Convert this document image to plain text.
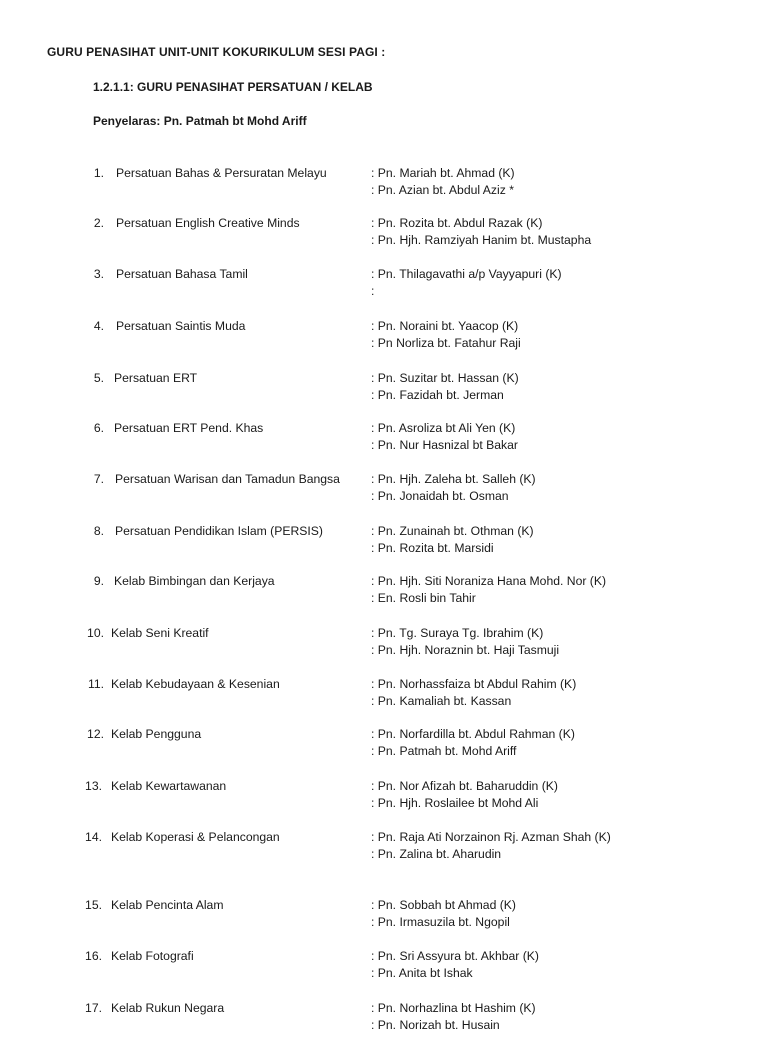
GURU PENASIHAT UNIT-UNIT KOKURIKULUM SESI PAGI :
1.2.1.1: GURU PENASIHAT PERSATUAN / KELAB
Penyelaras: Pn. Patmah bt Mohd Ariff
1. Persatuan Bahas & Persuratan Melayu	: Pn. Mariah bt. Ahmad (K)
: Pn. Azian bt. Abdul Aziz *
2. Persatuan English Creative Minds	: Pn. Rozita bt. Abdul Razak (K)
: Pn. Hjh. Ramziyah Hanim bt. Mustapha
3. Persatuan Bahasa Tamil	: Pn. Thilagavathi a/p Vayyapuri (K)
:
4. Persatuan Saintis Muda	: Pn. Noraini bt. Yaacop (K)
: Pn Norliza bt. Fatahur Raji
5. Persatuan ERT	: Pn. Suzitar bt. Hassan (K)
: Pn. Fazidah bt. Jerman
6. Persatuan ERT Pend. Khas	: Pn. Asroliza bt Ali Yen (K)
: Pn. Nur Hasnizal bt Bakar
7. Persatuan Warisan dan Tamadun Bangsa	: Pn. Hjh. Zaleha bt. Salleh (K)
: Pn. Jonaidah bt. Osman
8. Persatuan Pendidikan Islam (PERSIS)	: Pn. Zunainah bt. Othman (K)
: Pn. Rozita bt. Marsidi
9. Kelab Bimbingan dan Kerjaya	: Pn. Hjh. Siti Noraniza Hana Mohd. Nor (K)
: En. Rosli bin Tahir
10. Kelab Seni Kreatif	: Pn. Tg. Suraya Tg. Ibrahim (K)
: Pn. Hjh. Noraznin bt. Haji Tasmuji
11. Kelab Kebudayaan & Kesenian	: Pn. Norhassfaiza bt Abdul Rahim (K)
: Pn. Kamaliah bt. Kassan
12. Kelab Pengguna	: Pn. Norfardilla bt. Abdul Rahman (K)
: Pn. Patmah bt. Mohd Ariff
13. Kelab Kewartawanan	: Pn. Nor Afizah bt. Baharuddin (K)
: Pn. Hjh. Roslailee bt Mohd Ali
14. Kelab Koperasi & Pelancongan	: Pn. Raja Ati Norzainon Rj. Azman Shah (K)
: Pn. Zalina bt. Aharudin
15. Kelab Pencinta Alam	: Pn. Sobbah bt Ahmad (K)
: Pn. Irmasuzila bt. Ngopil
16. Kelab Fotografi	: Pn. Sri Assyura bt. Akhbar (K)
: Pn. Anita bt Ishak
17. Kelab Rukun Negara	: Pn. Norhazlina bt Hashim (K)
: Pn. Norizah bt. Husain
